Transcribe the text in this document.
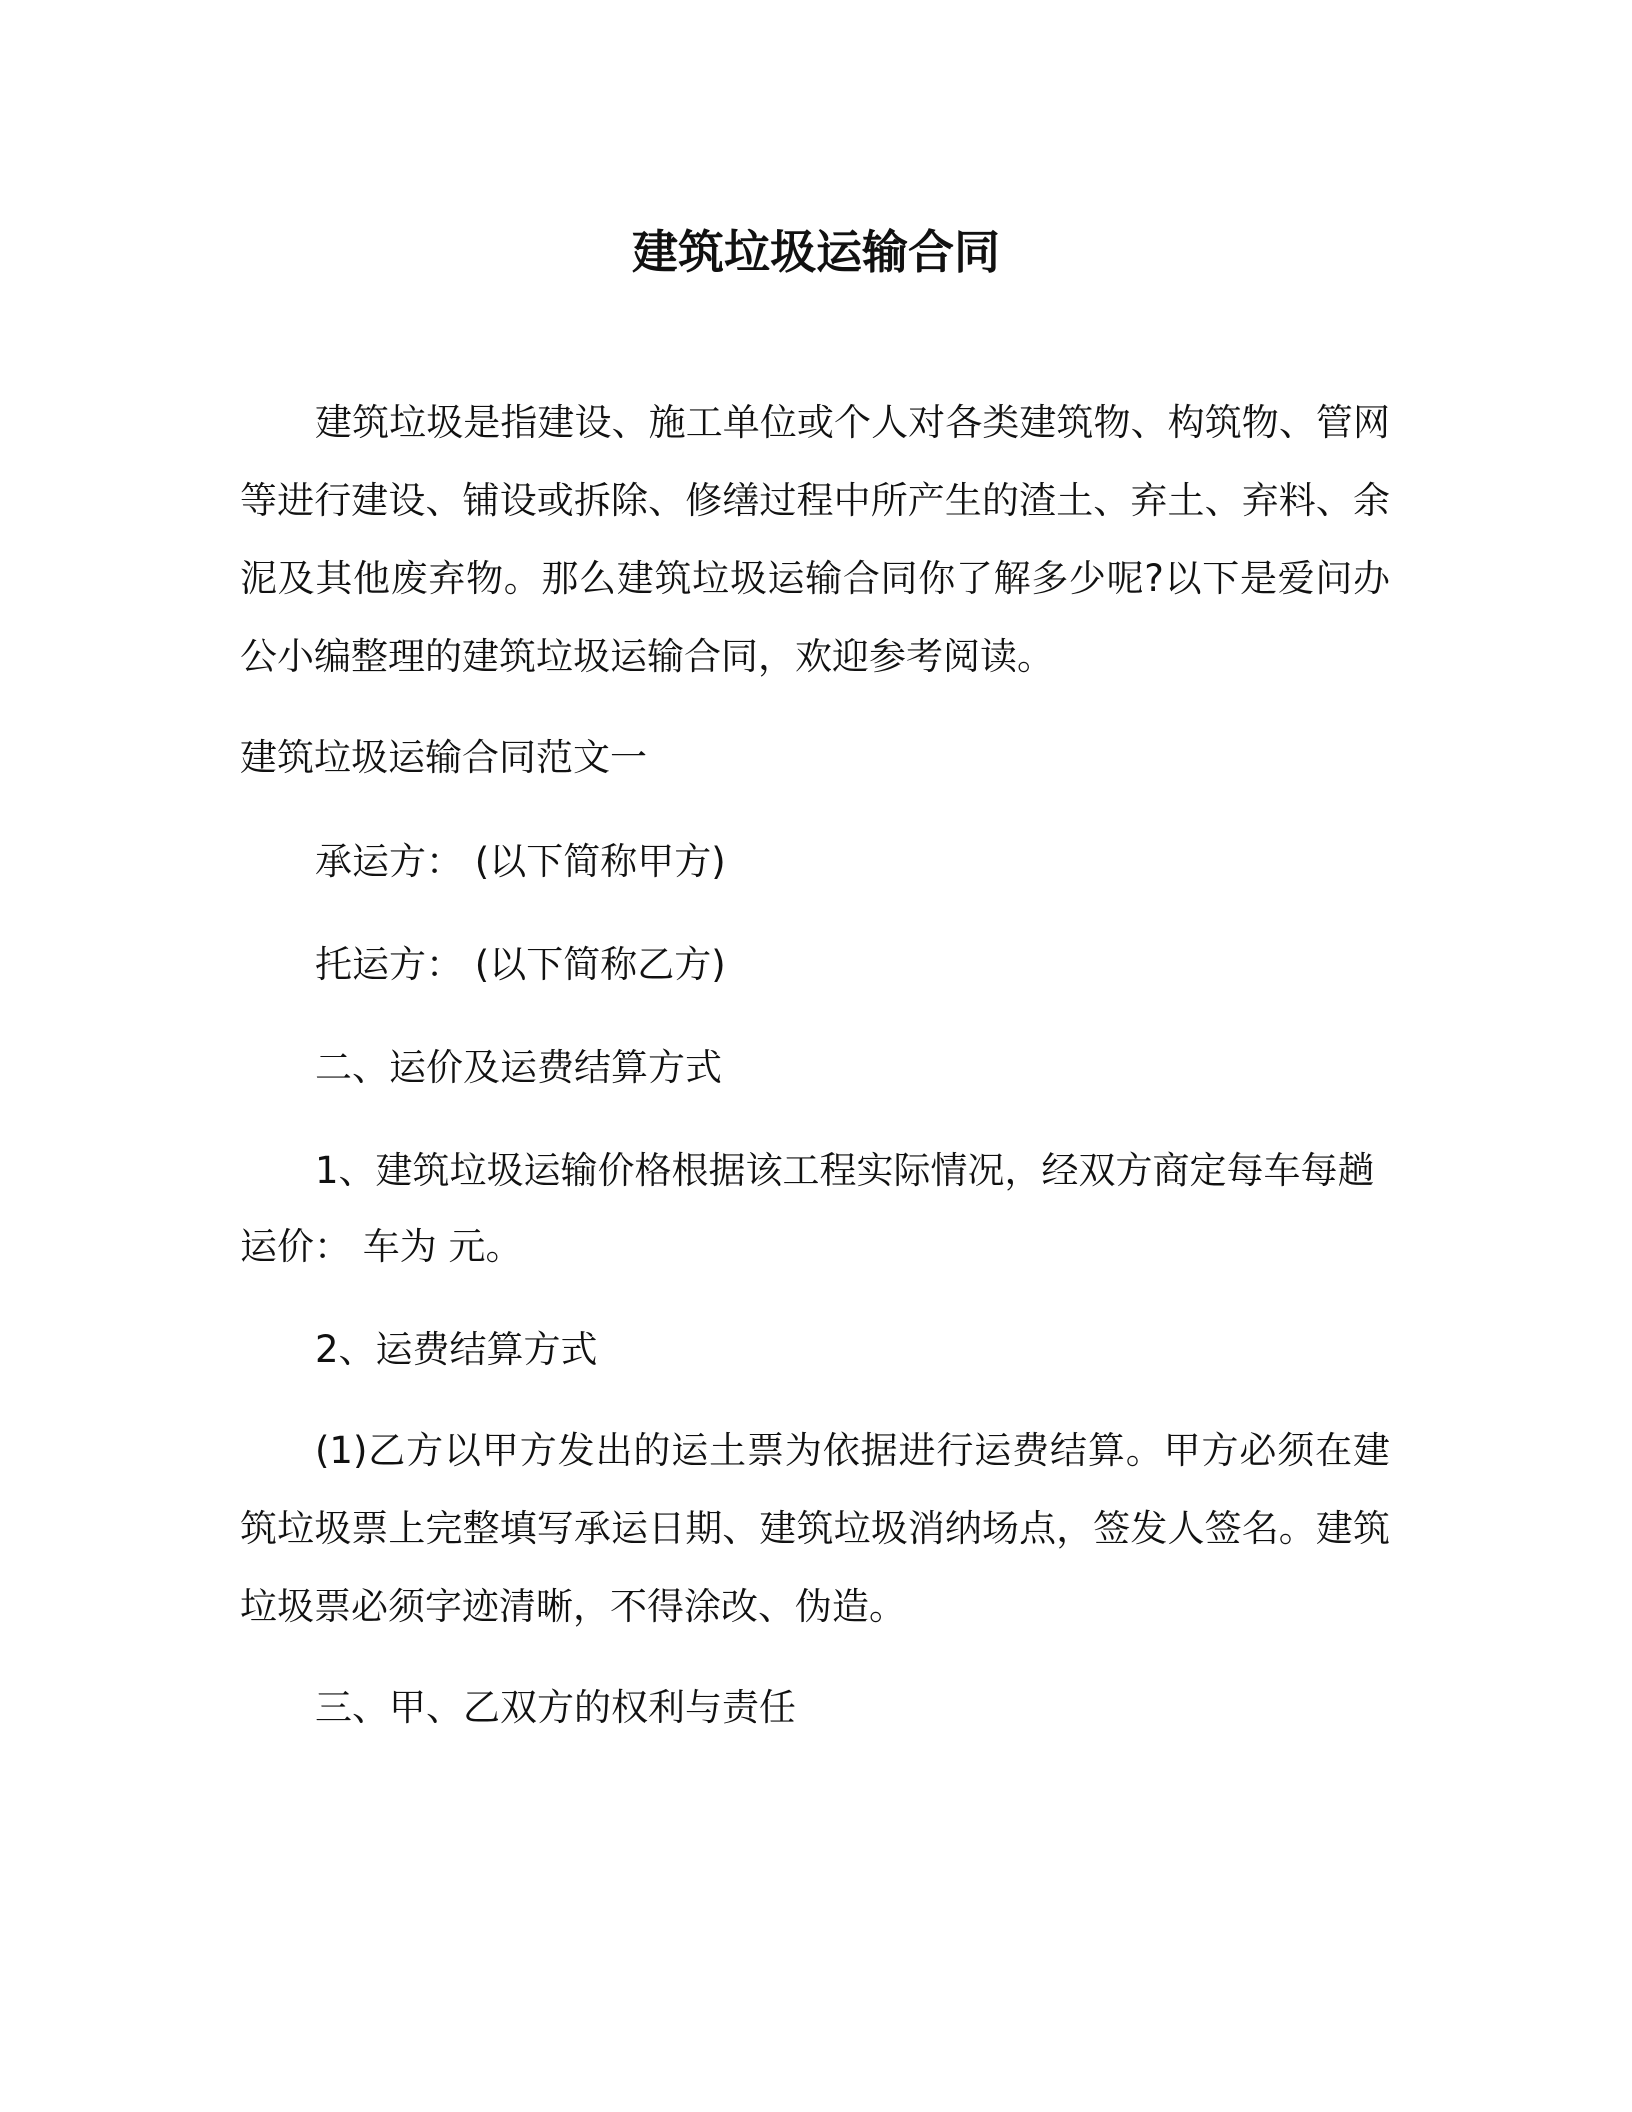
建筑垃圾运输合同

建筑垃圾是指建设、施工单位或个人对各类建筑物、构筑物、管网等进行建设、铺设或拆除、修缮过程中所产生的渣土、弃土、弃料、余泥及其他废弃物。那么建筑垃圾运输合同你了解多少呢?以下是爱问办公小编整理的建筑垃圾运输合同，欢迎参考阅读。

建筑垃圾运输合同范文一
承运方： (以下简称甲方)
托运方： (以下简称乙方)
二、运价及运费结算方式
1、建筑垃圾运输价格根据该工程实际情况，经双方商定每车每趟
运价： 车为 元。
2、运费结算方式

(1)乙方以甲方发出的运土票为依据进行运费结算。甲方必须在建筑垃圾票上完整填写承运日期、建筑垃圾消纳场点，签发人签名。建筑垃圾票必须字迹清晰，不得涂改、伪造。

三、甲、乙双方的权利与责任
